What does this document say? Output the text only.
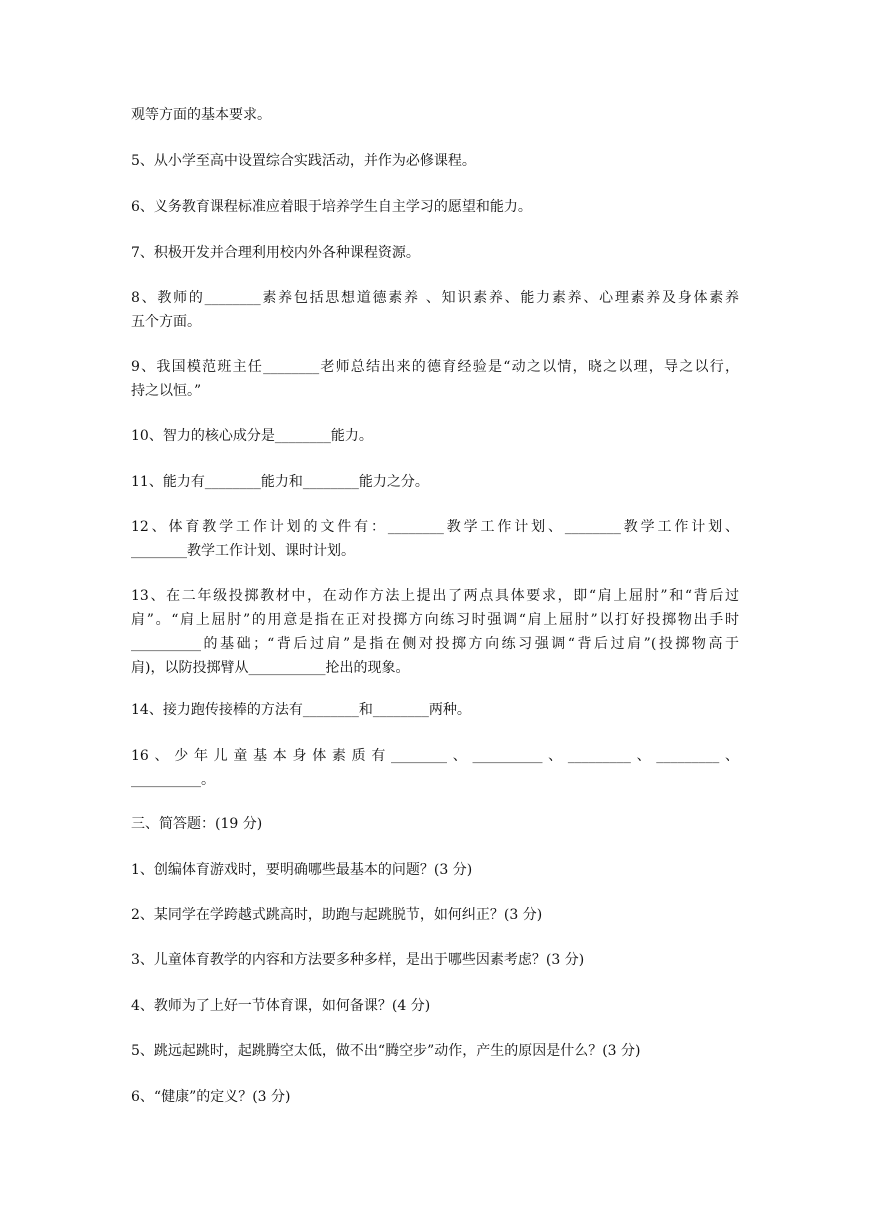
观等方面的基本要求。

5、从小学至高中设置综合实践活动，并作为必修课程。

6、义务教育课程标准应着眼于培养学生自主学习的愿望和能力。

7、积极开发并合理利用校内外各种课程资源。

8、教师的________素养包括思想道德素养 、知识素养、能力素养、心理素养及身体素养
五个方面。

9、我国模范班主任________老师总结出来的德育经验是“动之以情，晓之以理，导之以行，
持之以恒。”

10、智力的核心成分是________能力。

11、能力有________能力和________能力之分。

12、体育教学工作计划的文件有：________教学工作计划、________教学工作计划、
________教学工作计划、课时计划。

13、在二年级投掷教材中，在动作方法上提出了两点具体要求，即“肩上屈肘”和“背后过
肩”。“肩上屈肘”的用意是指在正对投掷方向练习时强调“肩上屈肘”以打好投掷物出手时
__________的基础；“背后过肩”是指在侧对投掷方向练习强调“背后过肩”(投掷物高于
肩)，以防投掷臂从___________抡出的现象。

14、接力跑传接棒的方法有________和________两种。

16、少年儿童基本身体素质有________、__________、_________、_________、
__________。

三、简答题：(19 分)

1、创编体育游戏时，要明确哪些最基本的问题？(3 分)

2、某同学在学跨越式跳高时，助跑与起跳脱节，如何纠正？(3 分)

3、儿童体育教学的内容和方法要多种多样，是出于哪些因素考虑？(3 分)

4、教师为了上好一节体育课，如何备课？(4 分)

5、跳远起跳时，起跳腾空太低，做不出“腾空步”动作，产生的原因是什么？(3 分)

6、“健康”的定义？(3 分)
